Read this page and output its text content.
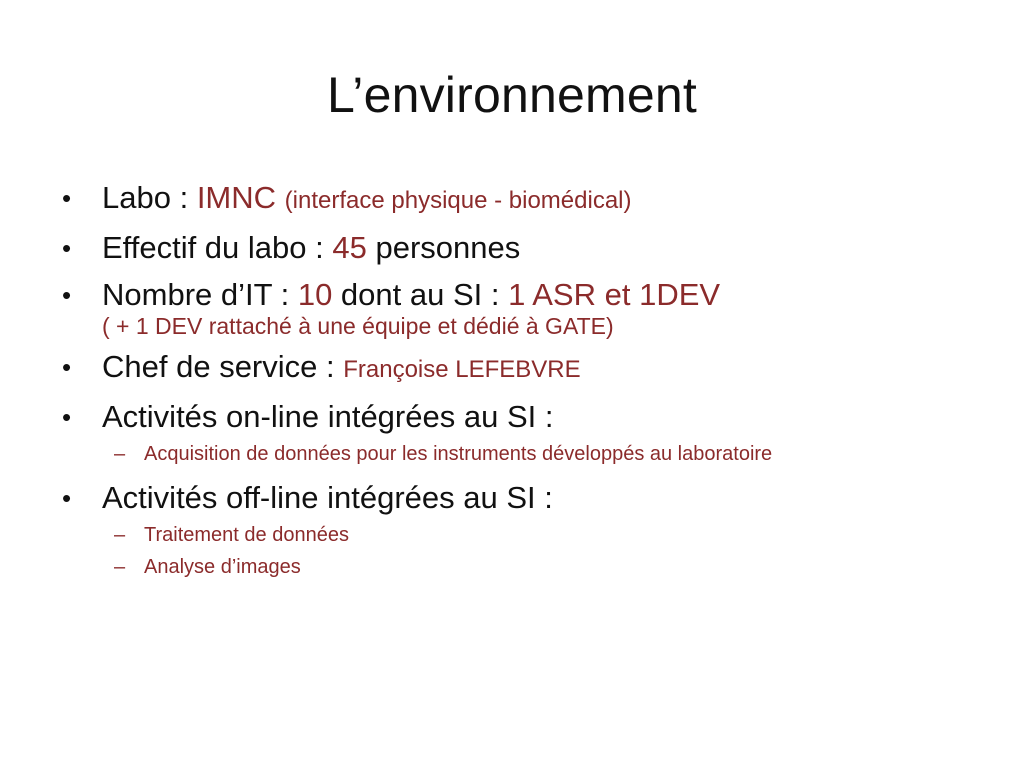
L’environnement
• Labo : IMNC (interface physique - biomédical)
• Effectif du labo : 45 personnes
• Nombre d’IT : 10 dont au SI : 1 ASR et 1DEV
( + 1 DEV rattaché à une équipe et dédié à GATE)
• Chef de service : Françoise LEFEBVRE
• Activités on-line intégrées au SI :
– Acquisition de données pour les instruments développés au laboratoire
• Activités off-line intégrées au SI :
– Traitement de données
– Analyse d’images
